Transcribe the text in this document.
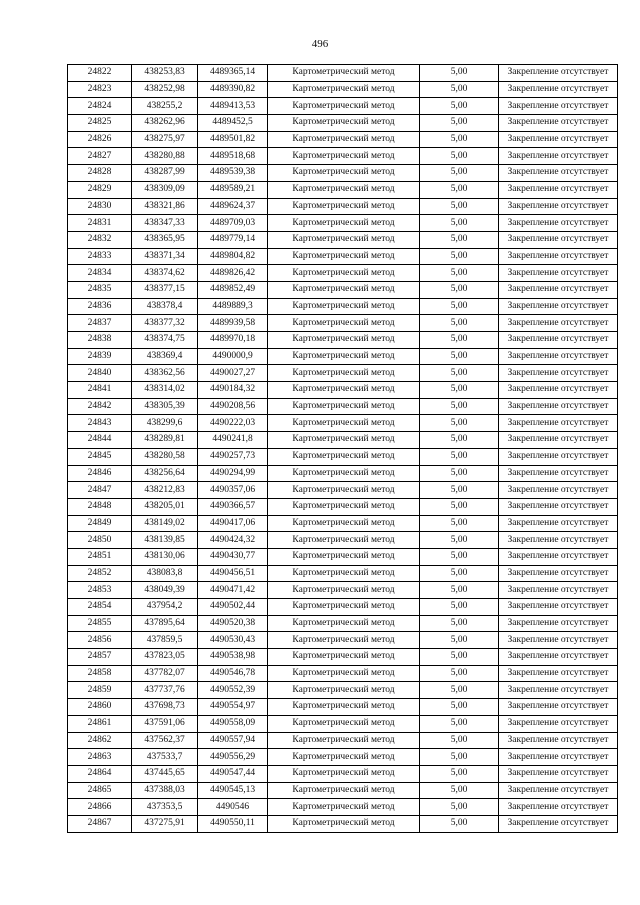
496
24822	438253,83	4489365,14	Картометрический метод	5,00	Закрепление отсутствует
24823	438252,98	4489390,82	Картометрический метод	5,00	Закрепление отсутствует
24824	438255,2	4489413,53	Картометрический метод	5,00	Закрепление отсутствует
24825	438262,96	4489452,5	Картометрический метод	5,00	Закрепление отсутствует
24826	438275,97	4489501,82	Картометрический метод	5,00	Закрепление отсутствует
24827	438280,88	4489518,68	Картометрический метод	5,00	Закрепление отсутствует
24828	438287,99	4489539,38	Картометрический метод	5,00	Закрепление отсутствует
24829	438309,09	4489589,21	Картометрический метод	5,00	Закрепление отсутствует
24830	438321,86	4489624,37	Картометрический метод	5,00	Закрепление отсутствует
24831	438347,33	4489709,03	Картометрический метод	5,00	Закрепление отсутствует
24832	438365,95	4489779,14	Картометрический метод	5,00	Закрепление отсутствует
24833	438371,34	4489804,82	Картометрический метод	5,00	Закрепление отсутствует
24834	438374,62	4489826,42	Картометрический метод	5,00	Закрепление отсутствует
24835	438377,15	4489852,49	Картометрический метод	5,00	Закрепление отсутствует
24836	438378,4	4489889,3	Картометрический метод	5,00	Закрепление отсутствует
24837	438377,32	4489939,58	Картометрический метод	5,00	Закрепление отсутствует
24838	438374,75	4489970,18	Картометрический метод	5,00	Закрепление отсутствует
24839	438369,4	4490000,9	Картометрический метод	5,00	Закрепление отсутствует
24840	438362,56	4490027,27	Картометрический метод	5,00	Закрепление отсутствует
24841	438314,02	4490184,32	Картометрический метод	5,00	Закрепление отсутствует
24842	438305,39	4490208,56	Картометрический метод	5,00	Закрепление отсутствует
24843	438299,6	4490222,03	Картометрический метод	5,00	Закрепление отсутствует
24844	438289,81	4490241,8	Картометрический метод	5,00	Закрепление отсутствует
24845	438280,58	4490257,73	Картометрический метод	5,00	Закрепление отсутствует
24846	438256,64	4490294,99	Картометрический метод	5,00	Закрепление отсутствует
24847	438212,83	4490357,06	Картометрический метод	5,00	Закрепление отсутствует
24848	438205,01	4490366,57	Картометрический метод	5,00	Закрепление отсутствует
24849	438149,02	4490417,06	Картометрический метод	5,00	Закрепление отсутствует
24850	438139,85	4490424,32	Картометрический метод	5,00	Закрепление отсутствует
24851	438130,06	4490430,77	Картометрический метод	5,00	Закрепление отсутствует
24852	438083,8	4490456,51	Картометрический метод	5,00	Закрепление отсутствует
24853	438049,39	4490471,42	Картометрический метод	5,00	Закрепление отсутствует
24854	437954,2	4490502,44	Картометрический метод	5,00	Закрепление отсутствует
24855	437895,64	4490520,38	Картометрический метод	5,00	Закрепление отсутствует
24856	437859,5	4490530,43	Картометрический метод	5,00	Закрепление отсутствует
24857	437823,05	4490538,98	Картометрический метод	5,00	Закрепление отсутствует
24858	437782,07	4490546,78	Картометрический метод	5,00	Закрепление отсутствует
24859	437737,76	4490552,39	Картометрический метод	5,00	Закрепление отсутствует
24860	437698,73	4490554,97	Картометрический метод	5,00	Закрепление отсутствует
24861	437591,06	4490558,09	Картометрический метод	5,00	Закрепление отсутствует
24862	437562,37	4490557,94	Картометрический метод	5,00	Закрепление отсутствует
24863	437533,7	4490556,29	Картометрический метод	5,00	Закрепление отсутствует
24864	437445,65	4490547,44	Картометрический метод	5,00	Закрепление отсутствует
24865	437388,03	4490545,13	Картометрический метод	5,00	Закрепление отсутствует
24866	437353,5	4490546	Картометрический метод	5,00	Закрепление отсутствует
24867	437275,91	4490550,11	Картометрический метод	5,00	Закрепление отсутствует
